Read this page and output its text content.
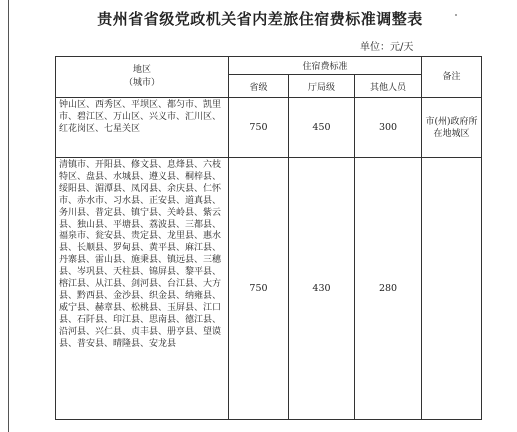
贵州省省级党政机关省内差旅住宿费标准调整表
单位：元/天
地区
（城市）	住宿费标准			备注
	省级	厅局级	其他人员	
钟山区、西秀区、平坝区、都匀市、凯里市、碧江区、万山区、兴义市、汇川区、红花岗区、七星关区	750	450	300	市(州)政府所在地城区
清镇市、开阳县、修文县、息烽县、六枝特区、盘县、水城县、遵义县、桐梓县、绥阳县、湄潭县、凤冈县、余庆县、仁怀市、赤水市、习水县、正安县、道真县、务川县、普定县、镇宁县、关岭县、紫云县、独山县、平塘县、荔波县、三都县、福泉市、瓮安县、贵定县、龙里县、惠水县、长顺县、罗甸县、黄平县、麻江县、丹寨县、雷山县、施秉县、镇远县、三穗县、岑巩县、天柱县、锦屏县、黎平县、榕江县、从江县、剑河县、台江县、大方县、黔西县、金沙县、织金县、纳雍县、威宁县、赫章县、松桃县、玉屏县、江口县、石阡县、印江县、思南县、德江县、沿河县、兴仁县、贞丰县、册亨县、望谟县、普安县、晴隆县、安龙县	750	430	280	
